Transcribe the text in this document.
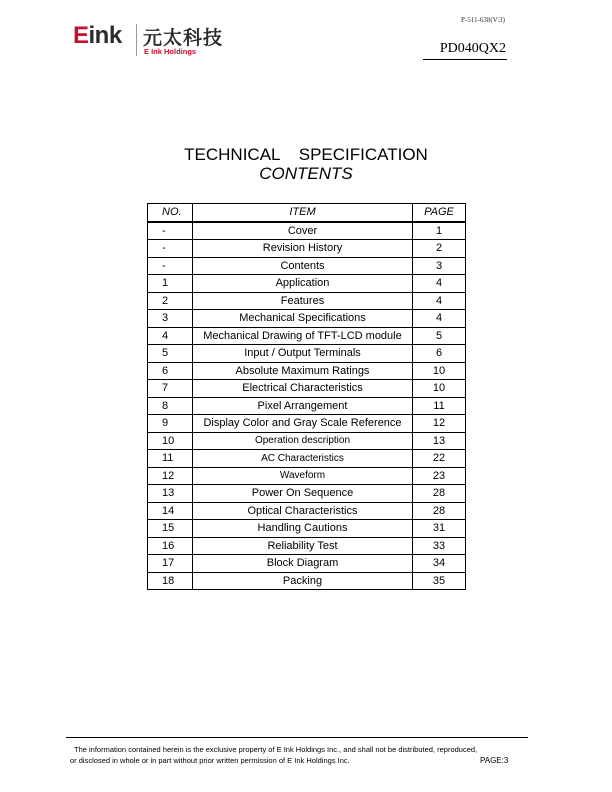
Eink 元太科技
E Ink Holdings
P-511-638(V:3)
PD040QX2
TECHNICAL    SPECIFICATION
CONTENTS
NO.	ITEM	PAGE
-	Cover	1
-	Revision History	2
-	Contents	3
1	Application	4
2	Features	4
3	Mechanical Specifications	4
4	Mechanical Drawing of TFT-LCD module	5
5	Input / Output Terminals	6
6	Absolute Maximum Ratings	10
7	Electrical Characteristics	10
8	Pixel Arrangement	11
9	Display Color and Gray Scale Reference	12
10	Operation description	13
11	AC Characteristics	22
12	Waveform	23
13	Power On Sequence	28
14	Optical Characteristics	28
15	Handling Cautions	31
16	Reliability Test	33
17	Block Diagram	34
18	Packing	35
The information contained herein is the exclusive property of E Ink Holdings Inc., and shall not be distributed, reproduced,
or disclosed in whole or in part without prior written permission of E Ink Holdings Inc.	PAGE:3
